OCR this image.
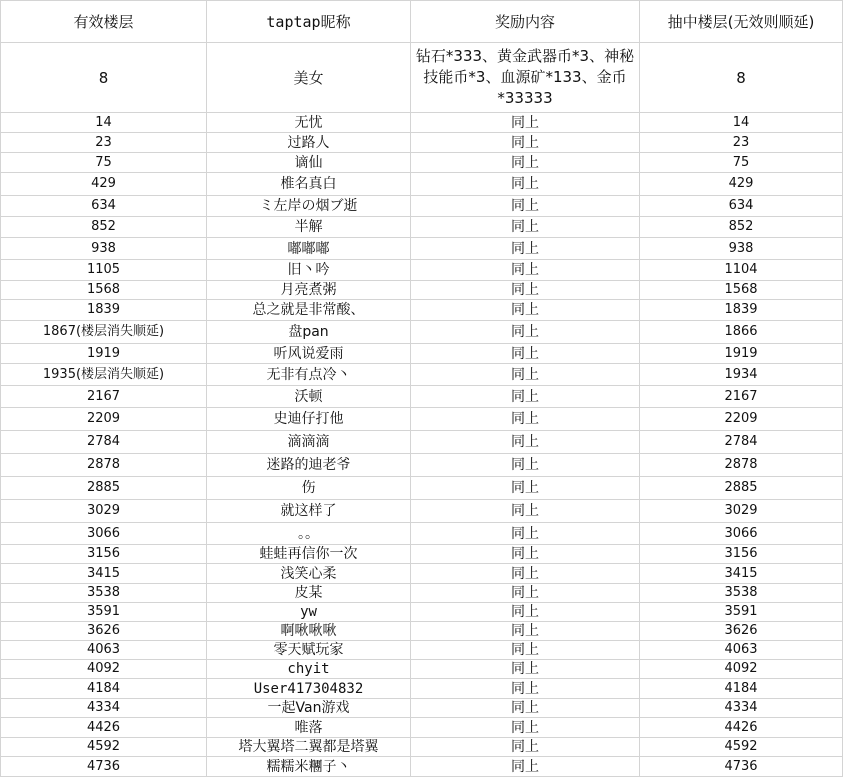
有效楼层	taptap昵称	奖励内容	抽中楼层(无效则顺延)
8	美女	钻石*333、黄金武器币*3、神秘技能币*3、血源矿*133、金币*33333	8
14	无忧	同上	14
23	过路人	同上	23
75	谪仙	同上	75
429	椎名真白	同上	429
634	ミ左岸の烟ブ逝	同上	634
852	半解	同上	852
938	嘟嘟嘟	同上	938
1105	旧丶吟	同上	1104
1568	月亮煮粥	同上	1568
1839	总之就是非常酸、	同上	1839
1867(楼层消失顺延)	盘pan	同上	1866
1919	听风说爱雨	同上	1919
1935(楼层消失顺延)	无非有点冷丶	同上	1934
2167	沃顿	同上	2167
2209	史迪仔打他	同上	2209
2784	滴滴滴	同上	2784
2878	迷路的迪老爷	同上	2878
2885	伤	同上	2885
3029	就这样了	同上	3029
3066	。。	同上	3066
3156	蛙蛙再信你一次	同上	3156
3415	浅笑心柔	同上	3415
3538	皮某	同上	3538
3591	yw	同上	3591
3626	啊啾啾啾	同上	3626
4063	零天赋玩家	同上	4063
4092	chyit	同上	4092
4184	User417304832	同上	4184
4334	一起Van游戏	同上	4334
4426	唯落	同上	4426
4592	塔大翼塔二翼都是塔翼	同上	4592
4736	糯糯米糰子丶	同上	4736
